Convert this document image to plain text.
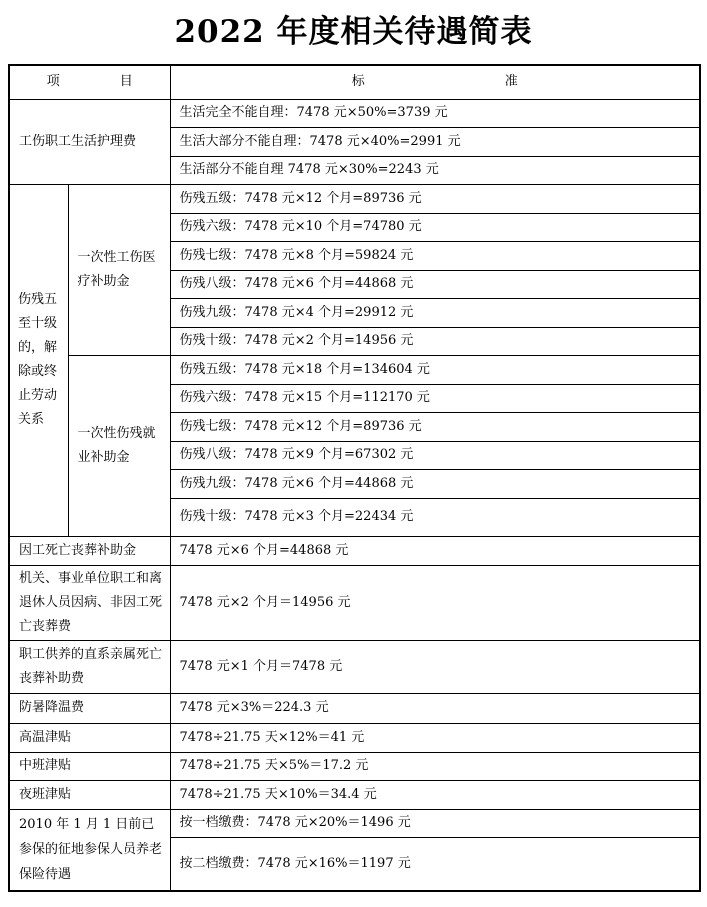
2022 年度相关待遇简表
项 目		标 准
工伤职工生活护理费		生活完全不能自理：7478 元×50%=3739 元
		生活大部分不能自理：7478 元×40%=2991 元
		生活部分不能自理 7478 元×30%=2243 元
伤残五至十级的，解除或终止劳动关系	一次性工伤医疗补助金	伤残五级：7478 元×12 个月=89736 元
		伤残六级：7478 元×10 个月=74780 元
		伤残七级：7478 元×8 个月=59824 元
		伤残八级：7478 元×6 个月=44868 元
		伤残九级：7478 元×4 个月=29912 元
		伤残十级：7478 元×2 个月=14956 元
	一次性伤残就业补助金	伤残五级：7478 元×18 个月=134604 元
		伤残六级：7478 元×15 个月=112170 元
		伤残七级：7478 元×12 个月=89736 元
		伤残八级：7478 元×9 个月=67302 元
		伤残九级：7478 元×6 个月=44868 元
		伤残十级：7478 元×3 个月=22434 元
因工死亡丧葬补助金		7478 元×6 个月=44868 元
机关、事业单位职工和离退休人员因病、非因工死亡丧葬费		7478 元×2 个月＝14956 元
职工供养的直系亲属死亡丧葬补助费		7478 元×1 个月＝7478 元
防暑降温费		7478 元×3%＝224.3 元
高温津贴		7478÷21.75 天×12%＝41 元
中班津贴		7478÷21.75 天×5%＝17.2 元
夜班津贴		7478÷21.75 天×10%＝34.4 元
2010 年 1 月 1 日前已参保的征地参保人员养老保险待遇		按一档缴费：7478 元×20%＝1496 元
		按二档缴费：7478 元×16%＝1197 元
